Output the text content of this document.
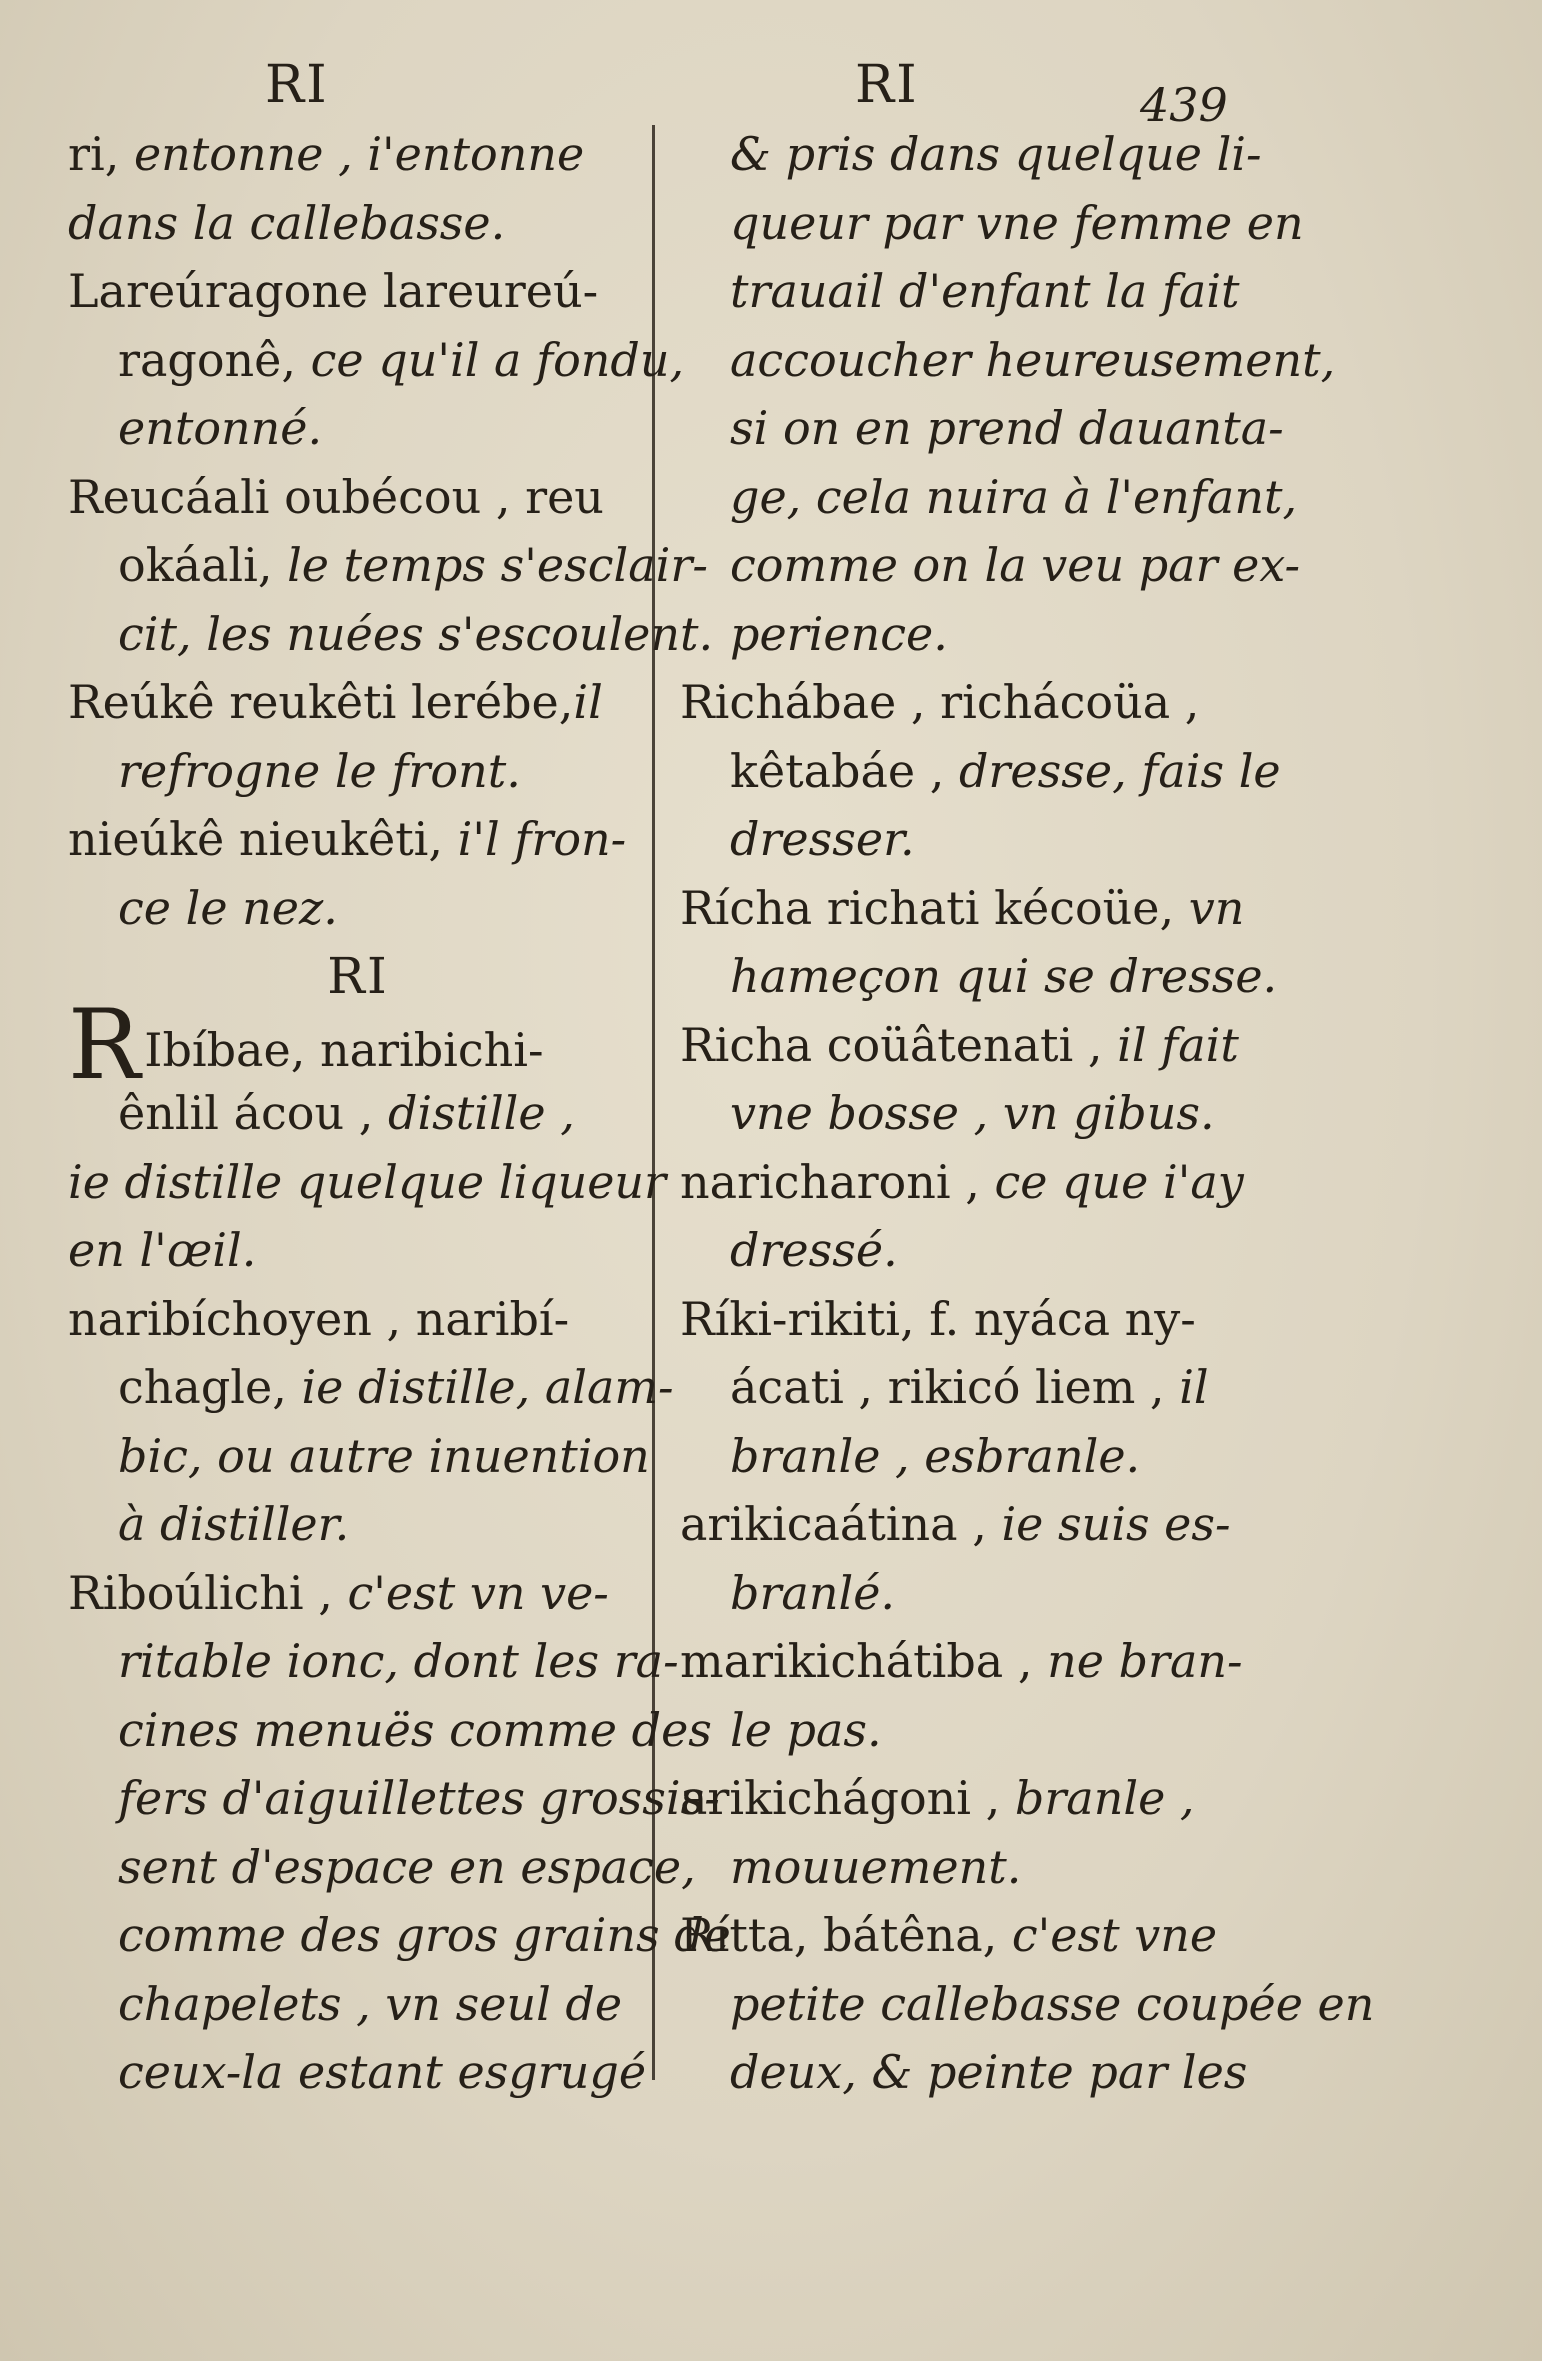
RI	RI	439
ri, entonne , i'entonne
dans la callebasse.
Lareúragone lareureú-
ragonê, ce qu'il a fondu,
entonné.
Reucáali oubécou , reu
okáali, le temps s'esclair-
cit, les nuées s'escoulent.
Reúkê reukêti lerébe,il
refrogne le front.
nieúkê nieukêti, i'l fron-
ce le nez.
RI
RIbíbae, naribichi-
ênlil ácou , distille ,
ie distille quelque liqueur
en l'œil.
naribíchoyen , naribí-
chagle, ie distille, alam-
bic, ou autre inuention
à distiller.
Riboúlichi , c'est vn ve-
ritable ionc, dont les ra-
cines menuës comme des
fers d'aiguillettes grossis-
sent d'espace en espace,
comme des gros grains de
chapelets , vn seul de
ceux-la estant esgrugé
& pris dans quelque li-
queur par vne femme en
trauail d'enfant la fait
accoucher heureusement,
si on en prend dauanta-
ge, cela nuira à l'enfant,
comme on la veu par ex-
perience.
Richábae , richácoüa ,
kêtabáe , dresse, fais le
dresser.
Rícha richati kécoüe, vn
hameçon qui se dresse.
Richa coüâtenati , il fait
vne bosse , vn gibus.
naricharoni , ce que i'ay
dressé.
Ríki-rikiti, f. nyáca ny-
ácati , rikicó liem , il
branle , esbranle.
arikicaátina , ie suis es-
branlé.
marikichátiba , ne bran-
le pas.
arikichágoni , branle ,
mouuement.
Rítta, bátêna, c'est vne
petite callebasse coupée en
deux, & peinte par les
